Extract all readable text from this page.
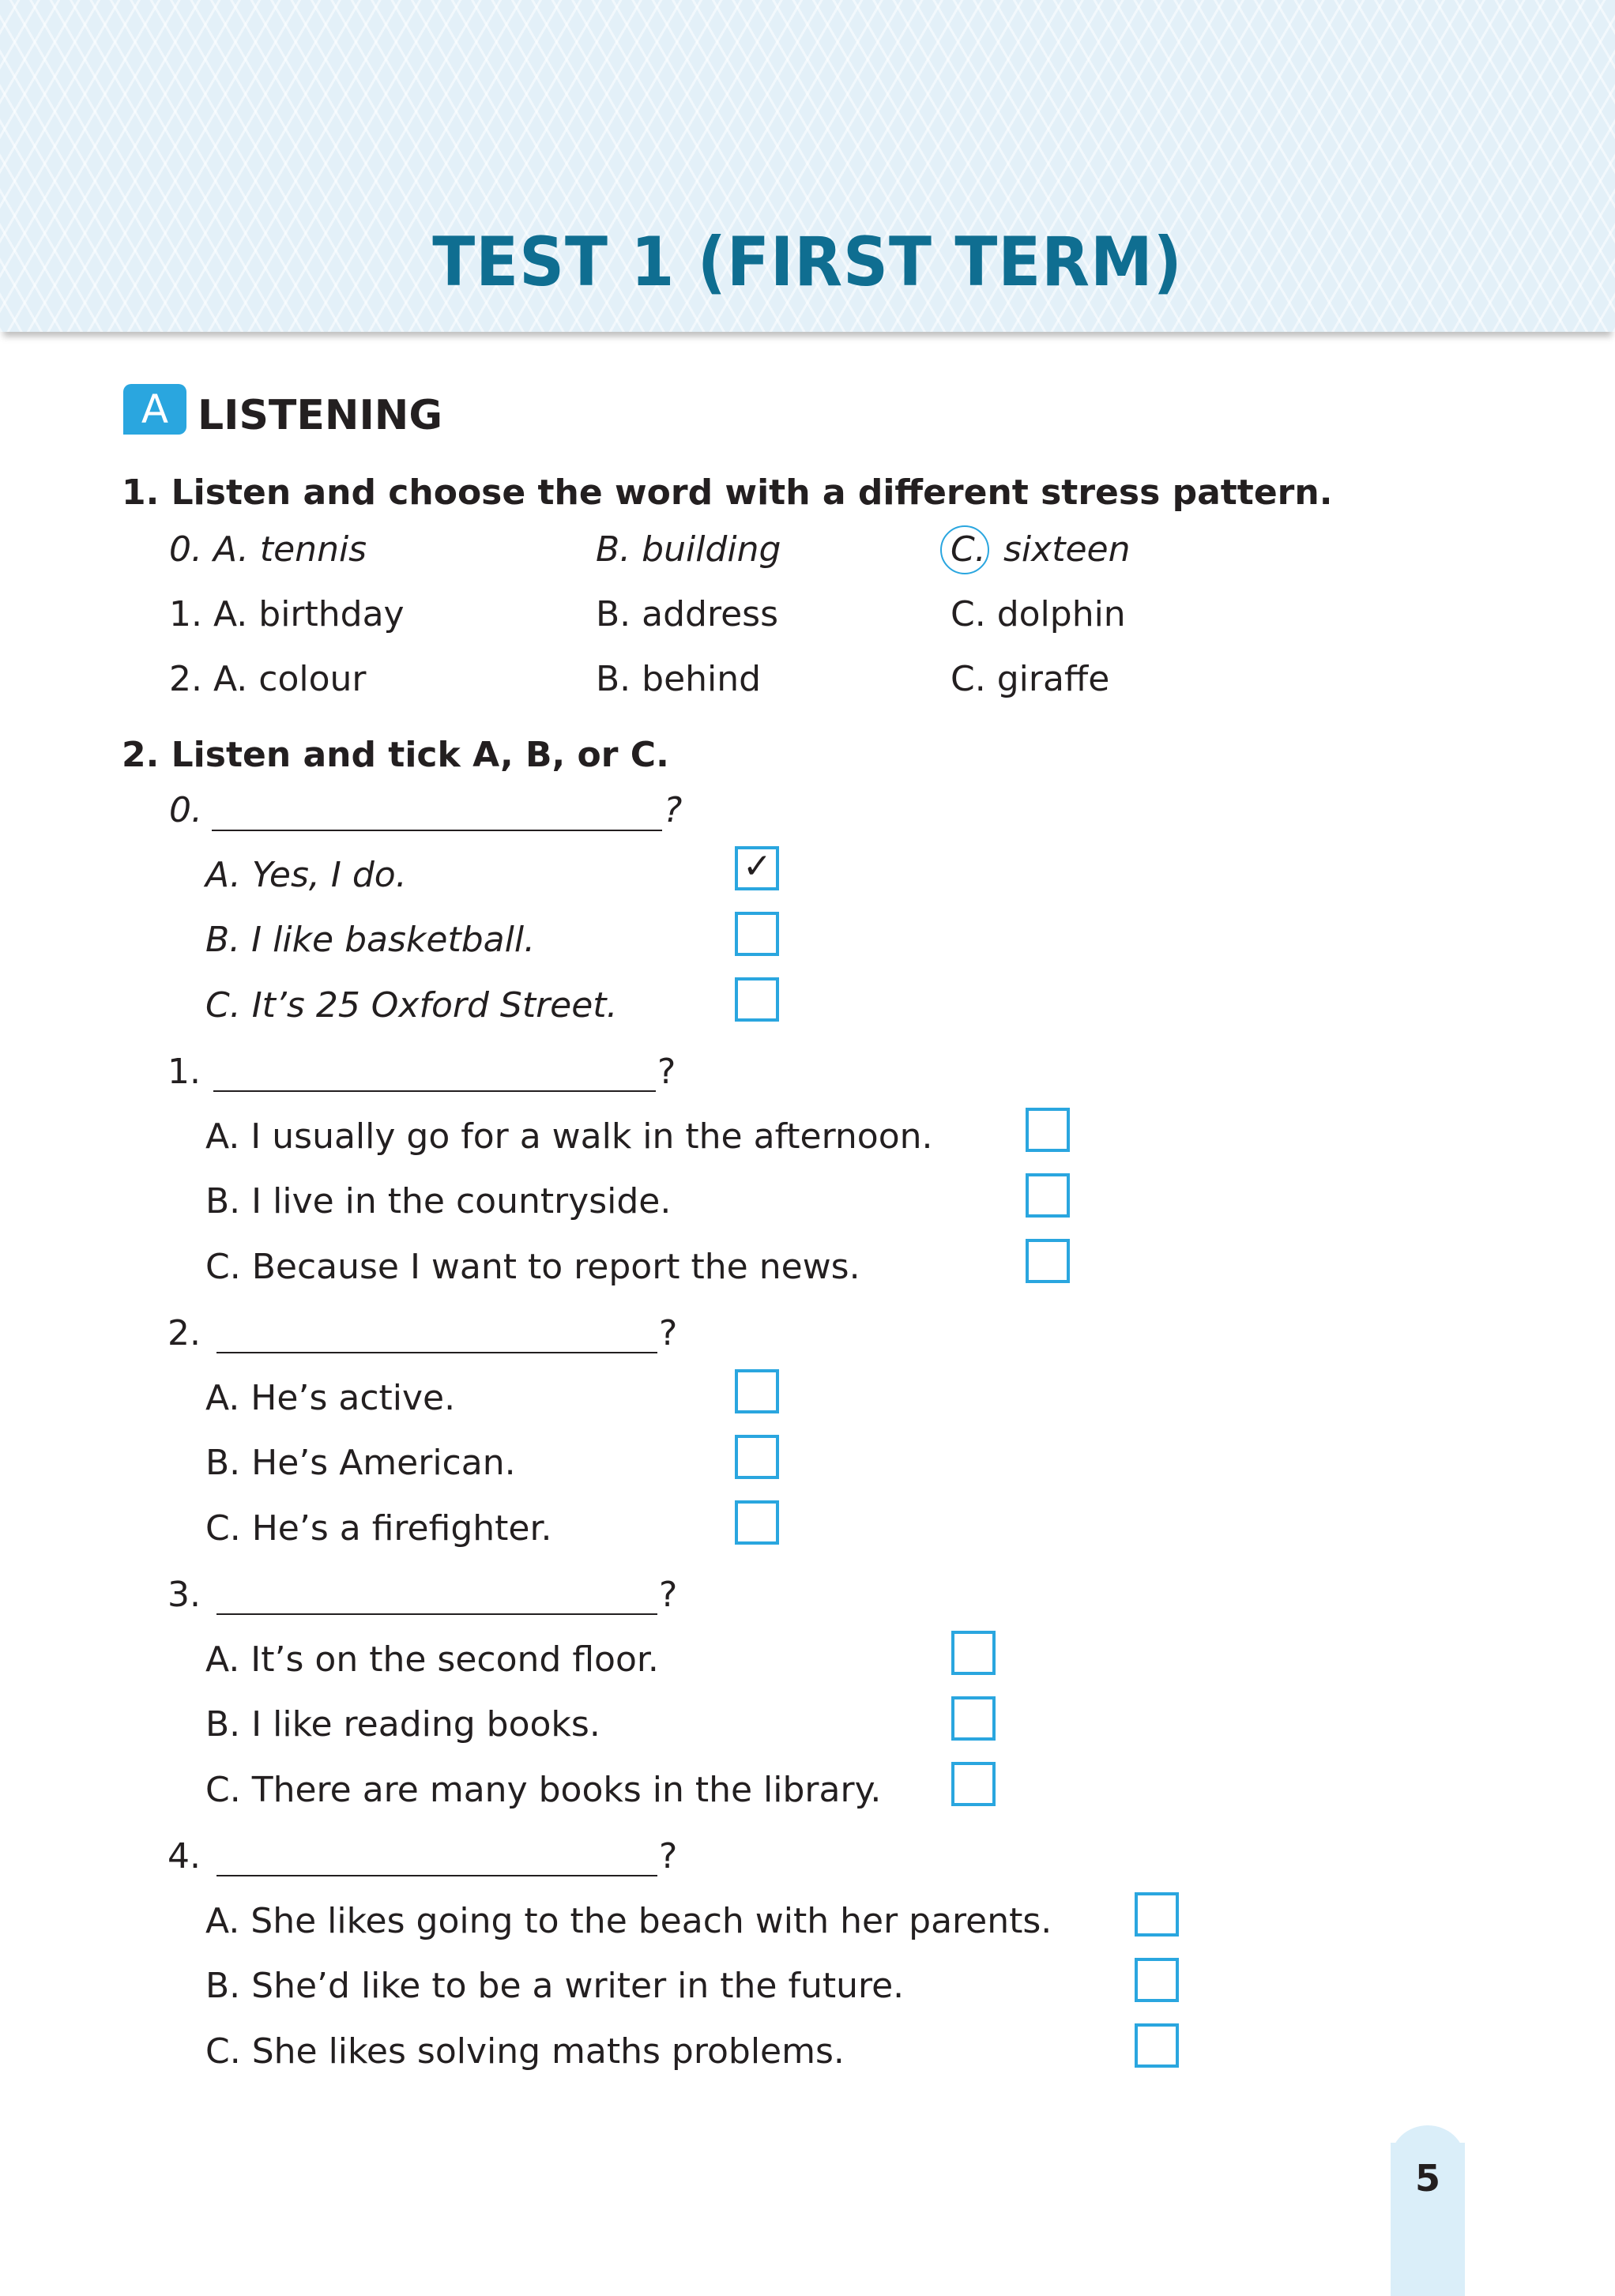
TEST 1 (FIRST TERM)
A LISTENING
1. Listen and choose the word with a different stress pattern.
0. A. tennis	B. building	C. sixteen
1. A. birthday	B. address	C. dolphin
2. A. colour	B. behind	C. giraffe
2. Listen and tick A, B, or C.
0.	?
A. Yes, I do.
B. I like basketball.
C. It’s 25 Oxford Street.
✓
1.	?
A. I usually go for a walk in the afternoon.
B. I live in the countryside.
C. Because I want to report the news.
2.	?
A. He’s active.
B. He’s American.
C. He’s a firefighter.
3.	?
A. It’s on the second floor.
B. I like reading books.
C. There are many books in the library.
4.	?
A. She likes going to the beach with her parents.
B. She’d like to be a writer in the future.
C. She likes solving maths problems.
5
